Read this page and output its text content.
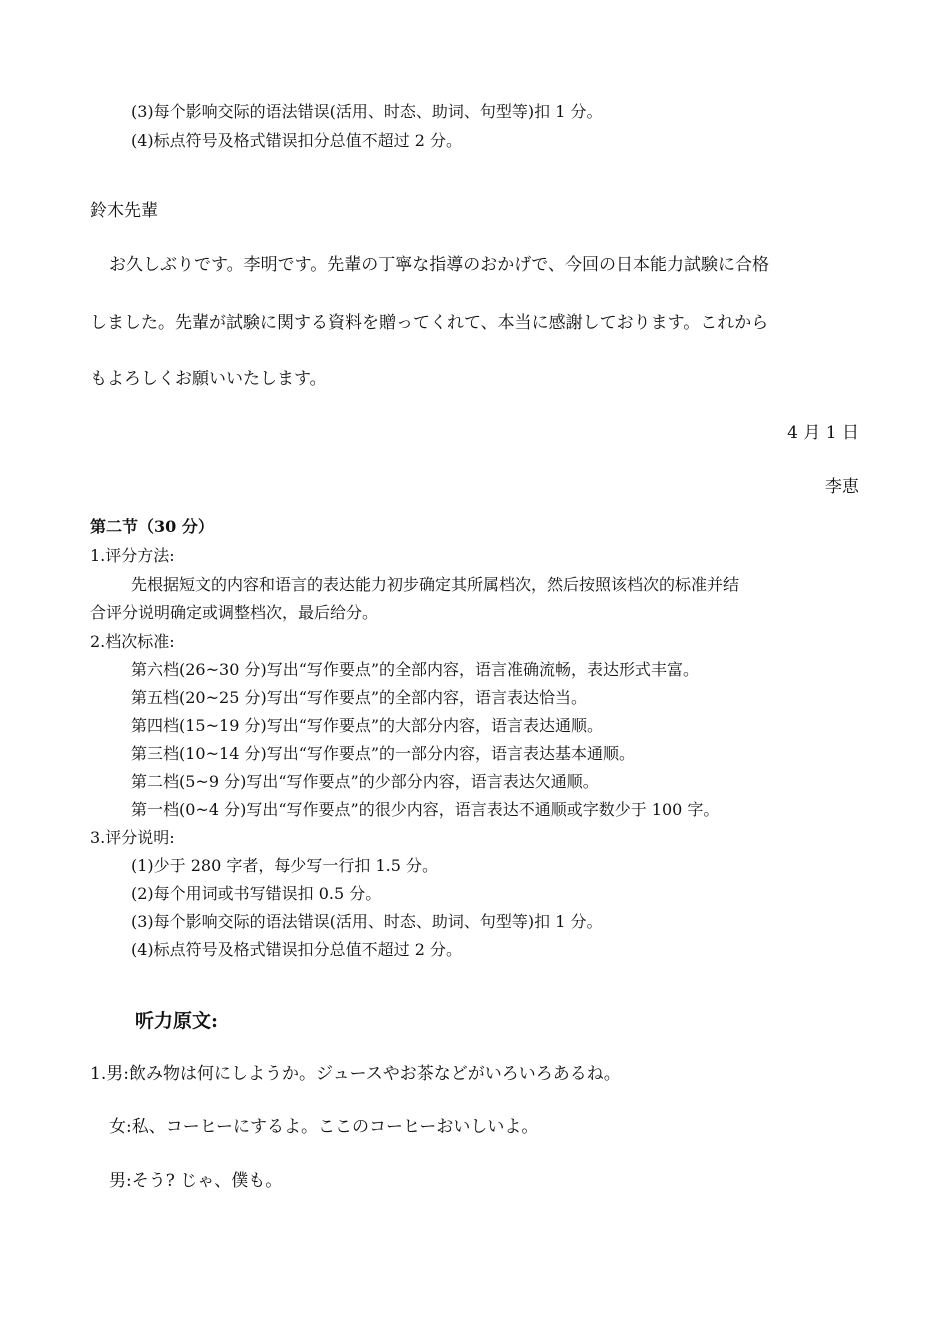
(3)每个影响交际的语法错误(活用、时态、助词、句型等)扣 1 分。
(4)标点符号及格式错误扣分总值不超过 2 分。
鈴木先輩
お久しぶりです。李明です。先輩の丁寧な指導のおかげで、今回の日本能力試験に合格
しました。先輩が試験に関する資料を贈ってくれて、本当に感謝しております。これから
もよろしくお願いいたします。
4 月 1 日
李恵
第二节（30 分）
1.评分方法:
先根据短文的内容和语言的表达能力初步确定其所属档次，然后按照该档次的标准并结
合评分说明确定或调整档次，最后给分。
2.档次标准:
第六档(26~30 分)写出“写作要点”的全部内容，语言准确流畅，表达形式丰富。
第五档(20~25 分)写出“写作要点”的全部内容，语言表达恰当。
第四档(15~19 分)写出“写作要点”的大部分内容，语言表达通顺。
第三档(10~14 分)写出“写作要点”的一部分内容，语言表达基本通顺。
第二档(5~9 分)写出“写作要点”的少部分内容，语言表达欠通顺。
第一档(0~4 分)写出“写作要点”的很少内容，语言表达不通顺或字数少于 100 字。
3.评分说明:
(1)少于 280 字者，每少写一行扣 1.5 分。
(2)每个用词或书写错误扣 0.5 分。
(3)每个影响交际的语法错误(活用、时态、助词、句型等)扣 1 分。
(4)标点符号及格式错误扣分总值不超过 2 分。
听力原文:
1.男:飲み物は何にしようか。ジュースやお茶などがいろいろあるね。
女:私、コーヒーにするよ。ここのコーヒーおいしいよ。
男:そう? じゃ、僕も。
